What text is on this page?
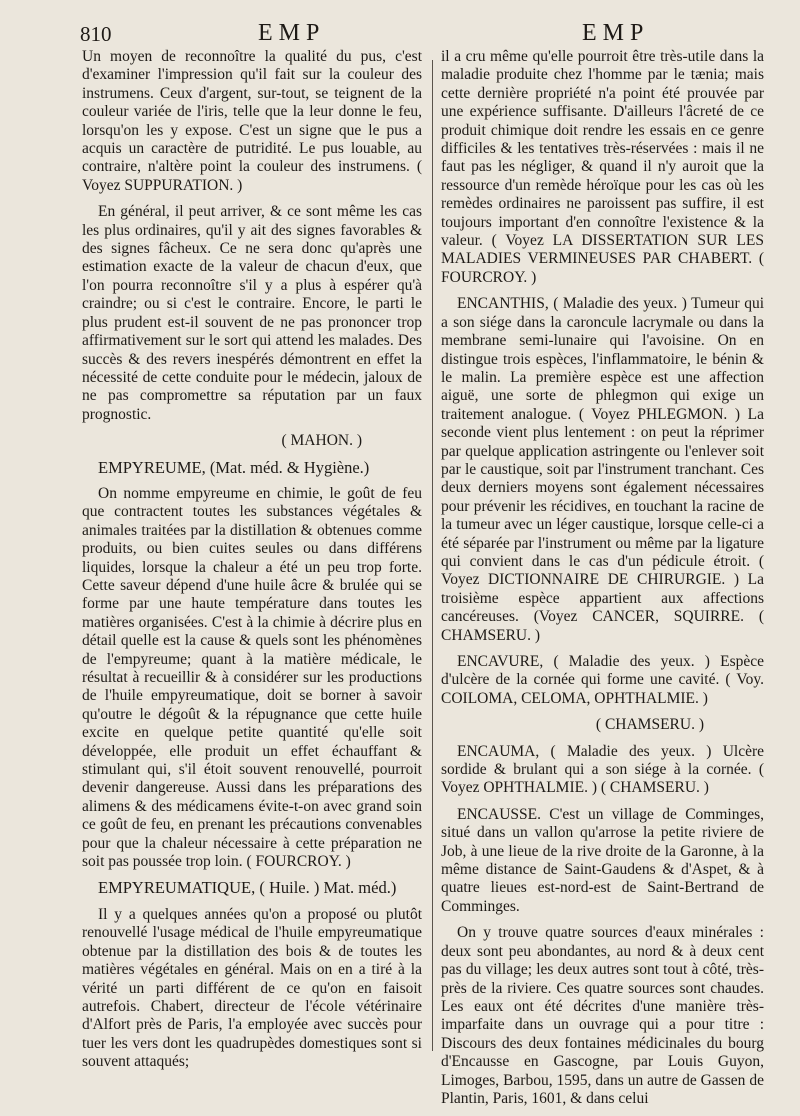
810	EMP	EMP

Un moyen de reconnoître la qualité du pus, c'est d'examiner l'impression qu'il fait sur la couleur des instrumens. Ceux d'argent, sur-tout, se teignent de la couleur variée de l'iris, telle que la leur donne le feu, lorsqu'on les y expose. C'est un signe que le pus a acquis un caractère de putridité. Le pus louable, au contraire, n'altère point la couleur des instrumens. ( Voyez SUPPURATION. )

En général, il peut arriver, & ce sont même les cas les plus ordinaires, qu'il y ait des signes favorables & des signes fâcheux. Ce ne sera donc qu'après une estimation exacte de la valeur de chacun d'eux, que l'on pourra reconnoître s'il y a plus à espérer qu'à craindre; ou si c'est le contraire. Encore, le parti le plus prudent est-il souvent de ne pas prononcer trop affirmativement sur le sort qui attend les malades. Des succès & des revers inespérés démontrent en effet la nécessité de cette conduite pour le médecin, jaloux de ne pas compromettre sa réputation par un faux prognostic.

( MAHON. )

EMPYREUME, (Mat. méd. & Hygiène.)

On nomme empyreume en chimie, le goût de feu que contractent toutes les substances végétales & animales traitées par la distillation & obtenues comme produits, ou bien cuites seules ou dans différens liquides, lorsque la chaleur a été un peu trop forte. Cette saveur dépend d'une huile âcre & brulée qui se forme par une haute température dans toutes les matières organisées. C'est à la chimie à décrire plus en détail quelle est la cause & quels sont les phénomènes de l'empyreume; quant à la matière médicale, le résultat à recueillir & à considérer sur les productions de l'huile empyreumatique, doit se borner à savoir qu'outre le dégoût & la répugnance que cette huile excite en quelque petite quantité qu'elle soit développée, elle produit un effet échauffant & stimulant qui, s'il étoit souvent renouvellé, pourroit devenir dangereuse. Aussi dans les préparations des alimens & des médicamens évite-t-on avec grand soin ce goût de feu, en prenant les précautions convenables pour que la chaleur nécessaire à cette préparation ne soit pas poussée trop loin. ( FOURCROY. )

EMPYREUMATIQUE, ( Huile. ) Mat. méd.)

Il y a quelques années qu'on a proposé ou plutôt renouvellé l'usage médical de l'huile empyreumatique obtenue par la distillation des bois & de toutes les matières végétales en général. Mais on en a tiré à la vérité un parti différent de ce qu'on en faisoit autrefois. Chabert, directeur de l'école vétérinaire d'Alfort près de Paris, l'a employée avec succès pour tuer les vers dont les quadrupèdes domestiques sont si souvent attaqués;

il a cru même qu'elle pourroit être très-utile dans la maladie produite chez l'homme par le tænia; mais cette dernière propriété n'a point été prouvée par une expérience suffisante. D'ailleurs l'âcreté de ce produit chimique doit rendre les essais en ce genre difficiles & les tentatives très-réservées : mais il ne faut pas les négliger, & quand il n'y auroit que la ressource d'un remède héroïque pour les cas où les remèdes ordinaires ne paroissent pas suffire, il est toujours important d'en connoître l'existence & la valeur. ( Voyez LA DISSERTATION SUR LES MALADIES VERMINEUSES PAR CHABERT. ( FOURCROY. )

ENCANTHIS, ( Maladie des yeux. ) Tumeur qui a son siége dans la caroncule lacrymale ou dans la membrane semi-lunaire qui l'avoisine. On en distingue trois espèces, l'inflammatoire, le bénin & le malin. La première espèce est une affection aiguë, une sorte de phlegmon qui exige un traitement analogue. ( Voyez PHLEGMON. ) La seconde vient plus lentement : on peut la réprimer par quelque application astringente ou l'enlever soit par le caustique, soit par l'instrument tranchant. Ces deux derniers moyens sont également nécessaires pour prévenir les récidives, en touchant la racine de la tumeur avec un léger caustique, lorsque celle-ci a été séparée par l'instrument ou même par la ligature qui convient dans le cas d'un pédicule étroit. ( Voyez DICTIONNAIRE DE CHIRURGIE. ) La troisième espèce appartient aux affections cancéreuses. (Voyez CANCER, SQUIRRE. ( CHAMSERU. )

ENCAVURE, ( Maladie des yeux. ) Espèce d'ulcère de la cornée qui forme une cavité. ( Voy. COILOMA, CELOMA, OPHTHALMIE. )

( CHAMSERU. )

ENCAUMA, ( Maladie des yeux. ) Ulcère sordide & brulant qui a son siége à la cornée. ( Voyez OPHTHALMIE. ) ( CHAMSERU. )

ENCAUSSE. C'est un village de Comminges, situé dans un vallon qu'arrose la petite riviere de Job, à une lieue de la rive droite de la Garonne, à la même distance de Saint-Gaudens & d'Aspet, & à quatre lieues est-nord-est de Saint-Bertrand de Comminges.

On y trouve quatre sources d'eaux minérales : deux sont peu abondantes, au nord & à deux cent pas du village; les deux autres sont tout à côté, très-près de la riviere. Ces quatre sources sont chaudes. Les eaux ont été décrites d'une manière très-imparfaite dans un ouvrage qui a pour titre : Discours des deux fontaines médicinales du bourg d'Encausse en Gascogne, par Louis Guyon, Limoges, Barbou, 1595, dans un autre de Gassen de Plantin, Paris, 1601, & dans celui
